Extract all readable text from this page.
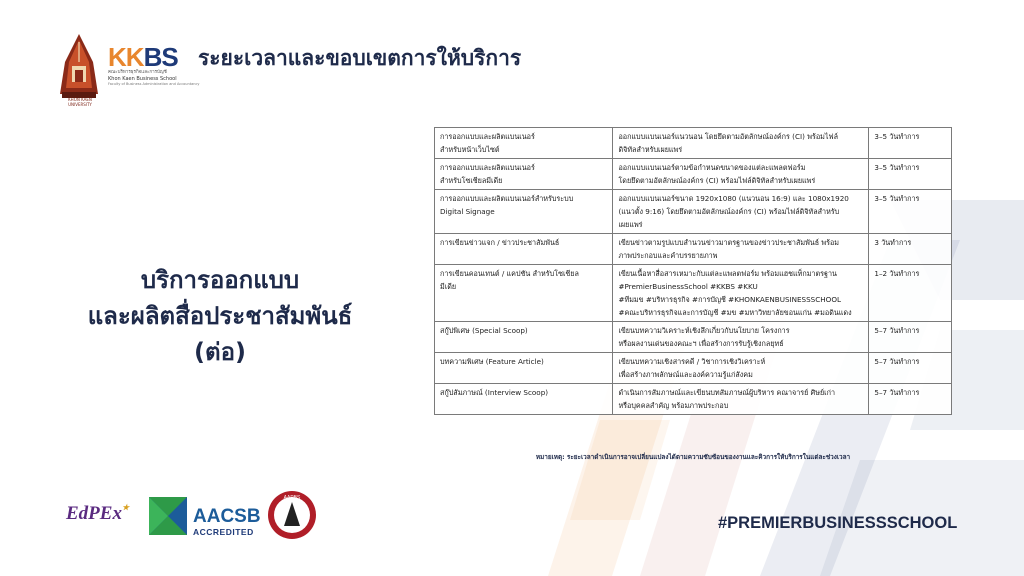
KHON KAEN UNIVERSITY
KKBS
คณะบริหารธุรกิจและการบัญชี
Khon Kaen Business School
Faculty of Business Administration and Accountancy
ระยะเวลาและขอบเขตการให้บริการ
บริการออกแบบ
และผลิตสื่อประชาสัมพันธ์
(ต่อ)
การออกแบบและผลิตแบนเนอร์
สำหรับหน้าเว็บไซต์	ออกแบบแบนเนอร์แนวนอน โดยยึดตามอัตลักษณ์องค์กร (CI) พร้อมไฟล์
ดิจิทัลสำหรับเผยแพร่	3–5 วันทำการ

การออกแบบและผลิตแบนเนอร์
สำหรับโซเชียลมีเดีย	ออกแบบแบนเนอร์ตามข้อกำหนดขนาดของแต่ละแพลตฟอร์ม
โดยยึดตามอัตลักษณ์องค์กร (CI) พร้อมไฟล์ดิจิทัลสำหรับเผยแพร่	3–5 วันทำการ

การออกแบบและผลิตแบนเนอร์สำหรับระบบ
Digital Signage	ออกแบบแบนเนอร์ขนาด 1920x1080 (แนวนอน 16:9) และ 1080x1920
(แนวตั้ง 9:16) โดยยึดตามอัตลักษณ์องค์กร (CI) พร้อมไฟล์ดิจิทัลสำหรับ
เผยแพร่	3–5 วันทำการ

การเขียนข่าวแจก / ข่าวประชาสัมพันธ์	เขียนข่าวตามรูปแบบสำนวนข่าวมาตรฐานของข่าวประชาสัมพันธ์ พร้อม
ภาพประกอบและคำบรรยายภาพ	3 วันทำการ

การเขียนคอนเทนต์ / แคปชัน สำหรับโซเชียล
มีเดีย	เขียนเนื้อหาสื่อสารเหมาะกับแต่ละแพลตฟอร์ม พร้อมแฮชแท็กมาตรฐาน
#PremierBusinessSchool #KKBS #KKU
#ทีมมข #บริหารธุรกิจ #การบัญชี #KHONKAENBUSINESSSCHOOL
#คณะบริหารธุรกิจและการบัญชี #มข #มหาวิทยาลัยขอนแก่น #มอดินแดง	1–2 วันทำการ

สกู๊ปพิเศษ (Special Scoop)	เขียนบทความวิเคราะห์เชิงลึกเกี่ยวกับนโยบาย โครงการ
หรือผลงานเด่นของคณะฯ เพื่อสร้างการรับรู้เชิงกลยุทธ์	5–7 วันทำการ

บทความพิเศษ (Feature Article)	เขียนบทความเชิงสารคดี / วิชาการเชิงวิเคราะห์
เพื่อสร้างภาพลักษณ์และองค์ความรู้แก่สังคม	5–7 วันทำการ

สกู๊ปสัมภาษณ์ (Interview Scoop)	ดำเนินการสัมภาษณ์และเขียนบทสัมภาษณ์ผู้บริหาร คณาจารย์ ศิษย์เก่า
หรือบุคคลสำคัญ พร้อมภาพประกอบ	5–7 วันทำการ
หมายเหตุ: ระยะเวลาดำเนินการอาจเปลี่ยนแปลงได้ตามความซับซ้อนของงานและคิวการให้บริการในแต่ละช่วงเวลา
EdPEx★	AACSB
ACCREDITED
AAPBS
#PREMIERBUSINESSSCHOOL
